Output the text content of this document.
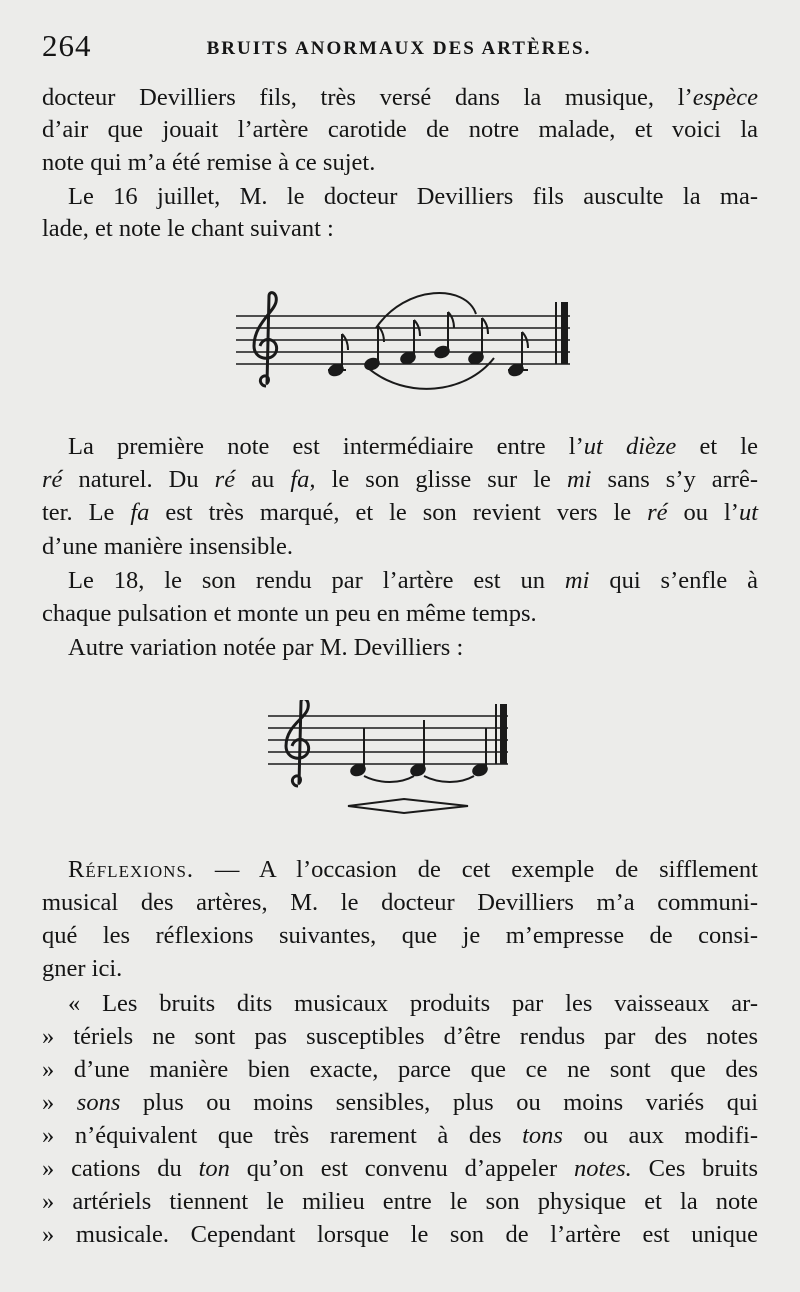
264	BRUITS ANORMAUX DES ARTÈRES.
docteur Devilliers fils, très versé dans la musique, l’espèce
d’air que jouait l’artère carotide de notre malade, et voici la
note qui m’a été remise à ce sujet.
Le 16 juillet, M. le docteur Devilliers fils ausculte la ma-
lade, et note le chant suivant :
La première note est intermédiaire entre l’ut dièze et le
ré naturel. Du ré au fa, le son glisse sur le mi sans s’y arrê-
ter. Le fa est très marqué, et le son revient vers le ré ou l’ut
d’une manière insensible.
Le 18, le son rendu par l’artère est un mi qui s’enfle à
chaque pulsation et monte un peu en même temps.
Autre variation notée par M. Devilliers :
Réflexions. — A l’occasion de cet exemple de sifflement
musical des artères, M. le docteur Devilliers m’a communi-
qué les réflexions suivantes, que je m’empresse de consi-
gner ici.
« Les bruits dits musicaux produits par les vaisseaux ar-
» tériels ne sont pas susceptibles d’être rendus par des notes
» d’une manière bien exacte, parce que ce ne sont que des
» sons plus ou moins sensibles, plus ou moins variés qui
» n’équivalent que très rarement à des tons ou aux modifi-
» cations du ton qu’on est convenu d’appeler notes. Ces bruits
» artériels tiennent le milieu entre le son physique et la note
» musicale. Cependant lorsque le son de l’artère est unique
